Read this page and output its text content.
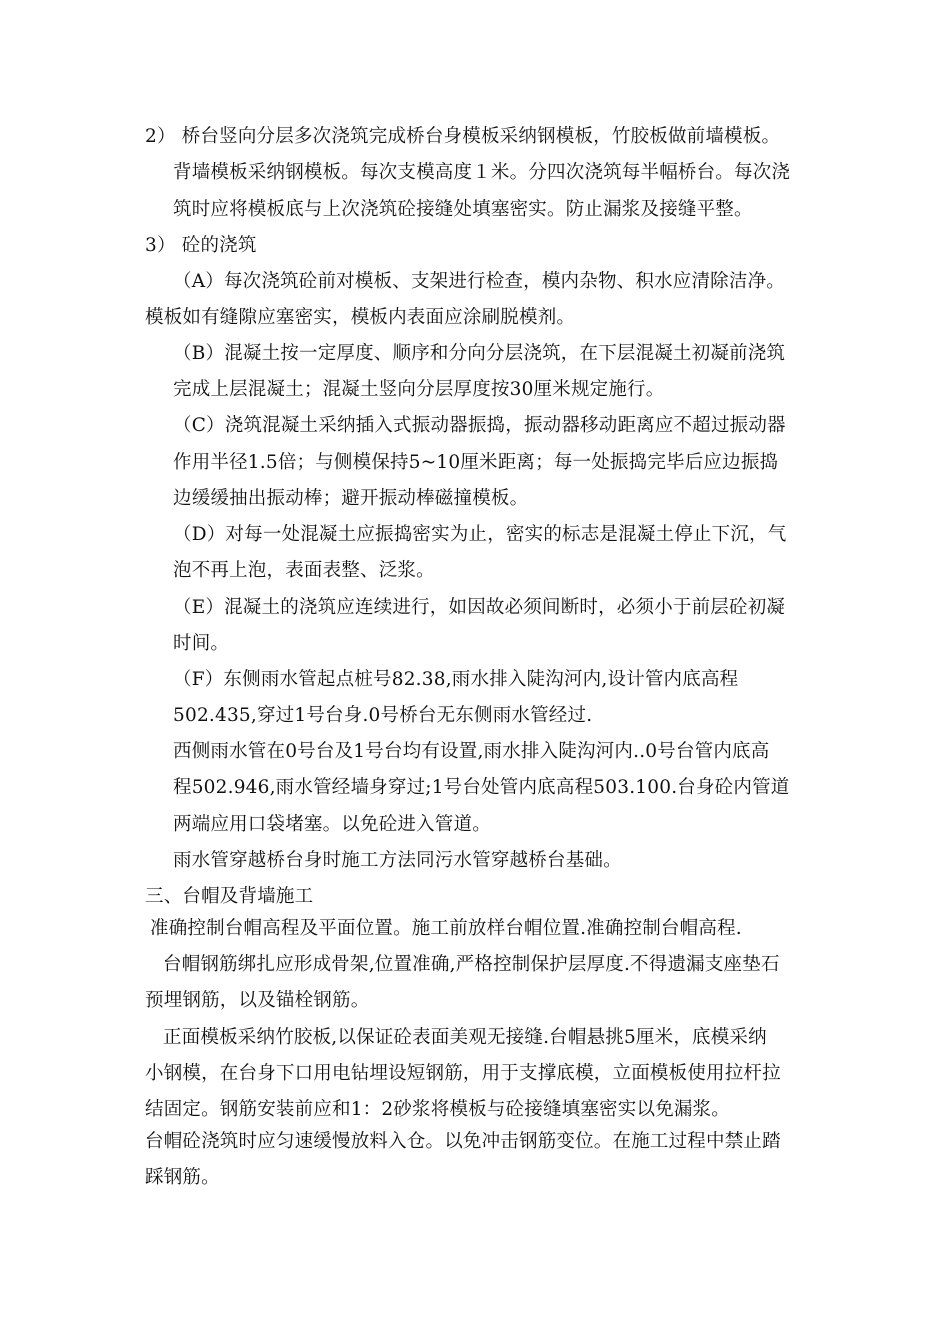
2） 桥台竖向分层多次浇筑完成桥台身模板采纳钢模板，竹胶板做前墙模板。
背墙模板采纳钢模板。每次支模高度１米。分四次浇筑每半幅桥台。每次浇
筑时应将模板底与上次浇筑砼接缝处填塞密实。防止漏浆及接缝平整。
3） 砼的浇筑
（A）每次浇筑砼前对模板、支架进行检查，模内杂物、积水应清除洁净。
模板如有缝隙应塞密实，模板内表面应涂刷脱模剂。
（B）混凝土按一定厚度、顺序和分向分层浇筑，在下层混凝土初凝前浇筑
完成上层混凝土；混凝土竖向分层厚度按30厘米规定施行。
（C）浇筑混凝土采纳插入式振动器振捣，振动器移动距离应不超过振动器
作用半径1.5倍；与侧模保持5~10厘米距离；每一处振捣完毕后应边振捣
边缓缓抽出振动棒；避开振动棒磁撞模板。
（D）对每一处混凝土应振捣密实为止，密实的标志是混凝土停止下沉，气
泡不再上泡，表面表整、泛浆。
（E）混凝土的浇筑应连续进行，如因故必须间断时，必须小于前层砼初凝
时间。
（F）东侧雨水管起点桩号82.38,雨水排入陡沟河内,设计管内底高程
502.435,穿过1号台身.0号桥台无东侧雨水管经过.
西侧雨水管在0号台及1号台均有设置,雨水排入陡沟河内..0号台管内底高
程502.946,雨水管经墙身穿过;1号台处管内底高程503.100.台身砼内管道
两端应用口袋堵塞。以免砼进入管道。
雨水管穿越桥台身时施工方法同污水管穿越桥台基础。
三、台帽及背墙施工
准确控制台帽高程及平面位置。施工前放样台帽位置.准确控制台帽高程.
台帽钢筋绑扎应形成骨架,位置准确,严格控制保护层厚度.不得遗漏支座垫石
预埋钢筋，以及锚栓钢筋。
正面模板采纳竹胶板,以保证砼表面美观无接缝.台帽悬挑5厘米，底模采纳
小钢模，在台身下口用电钻埋设短钢筋，用于支撑底模，立面模板使用拉杆拉
结固定。钢筋安装前应和1：2砂浆将模板与砼接缝填塞密实以免漏浆。
台帽砼浇筑时应匀速缓慢放料入仓。以免冲击钢筋变位。在施工过程中禁止踏
踩钢筋。
